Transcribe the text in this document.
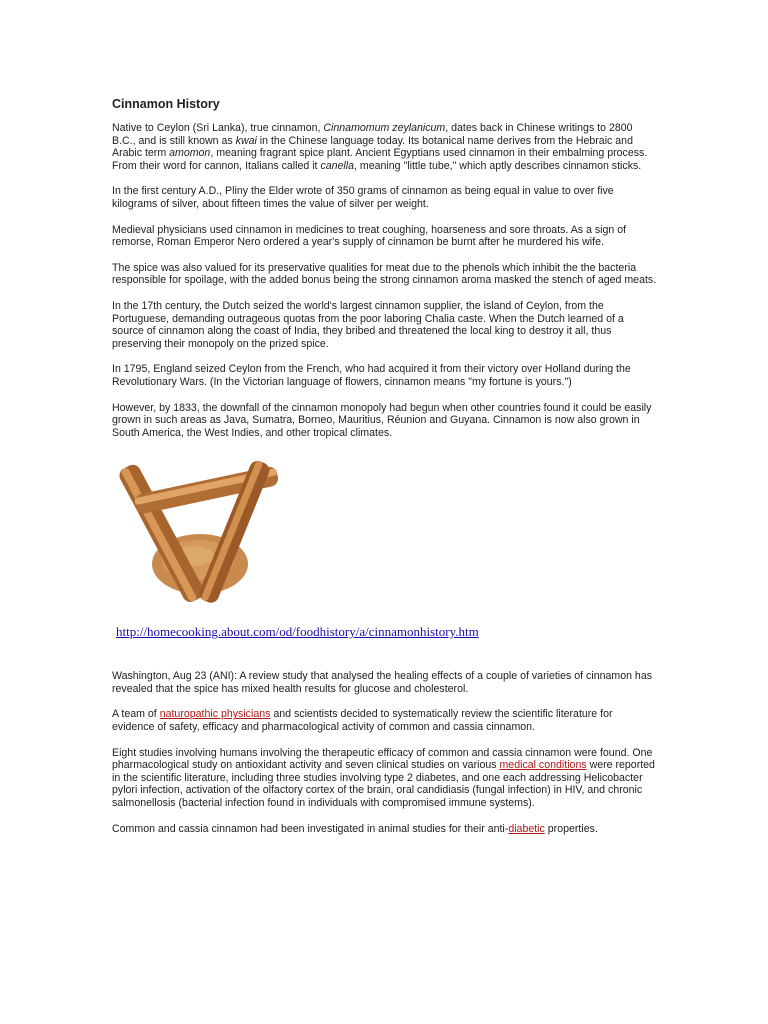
Cinnamon History

Native to Ceylon (Sri Lanka), true cinnamon, Cinnamomum zeylanicum, dates back in Chinese writings to 2800 B.C., and is still known as kwai in the Chinese language today. Its botanical name derives from the Hebraic and Arabic term amomon, meaning fragrant spice plant. Ancient Egyptians used cinnamon in their embalming process. From their word for cannon, Italians called it canella, meaning "little tube," which aptly describes cinnamon sticks.

In the first century A.D., Pliny the Elder wrote of 350 grams of cinnamon as being equal in value to over five kilograms of silver, about fifteen times the value of silver per weight.

Medieval physicians used cinnamon in medicines to treat coughing, hoarseness and sore throats. As a sign of remorse, Roman Emperor Nero ordered a year's supply of cinnamon be burnt after he murdered his wife.

The spice was also valued for its preservative qualities for meat due to the phenols which inhibit the the bacteria responsible for spoilage, with the added bonus being the strong cinnamon aroma masked the stench of aged meats.

In the 17th century, the Dutch seized the world's largest cinnamon supplier, the island of Ceylon, from the Portuguese, demanding outrageous quotas from the poor laboring Chalia caste. When the Dutch learned of a source of cinnamon along the coast of India, they bribed and threatened the local king to destroy it all, thus preserving their monopoly on the prized spice.

In 1795, England seized Ceylon from the French, who had acquired it from their victory over Holland during the Revolutionary Wars. (In the Victorian language of flowers, cinnamon means "my fortune is yours.")

However, by 1833, the downfall of the cinnamon monopoly had begun when other countries found it could be easily grown in such areas as Java, Sumatra, Borneo, Mauritius, Réunion and Guyana. Cinnamon is now also grown in South America, the West Indies, and other tropical climates.

http://homecooking.about.com/od/foodhistory/a/cinnamonhistory.htm

Washington, Aug 23 (ANI): A review study that analysed the healing effects of a couple of varieties of cinnamon has revealed that the spice has mixed health results for glucose and cholesterol.

A team of naturopathic physicians and scientists decided to systematically review the scientific literature for evidence of safety, efficacy and pharmacological activity of common and cassia cinnamon.

Eight studies involving humans involving the therapeutic efficacy of common and cassia cinnamon were found. One pharmacological study on antioxidant activity and seven clinical studies on various medical conditions were reported in the scientific literature, including three studies involving type 2 diabetes, and one each addressing Helicobacter pylori infection, activation of the olfactory cortex of the brain, oral candidiasis (fungal infection) in HIV, and chronic salmonellosis (bacterial infection found in individuals with compromised immune systems).

Common and cassia cinnamon had been investigated in animal studies for their anti-diabetic properties.
